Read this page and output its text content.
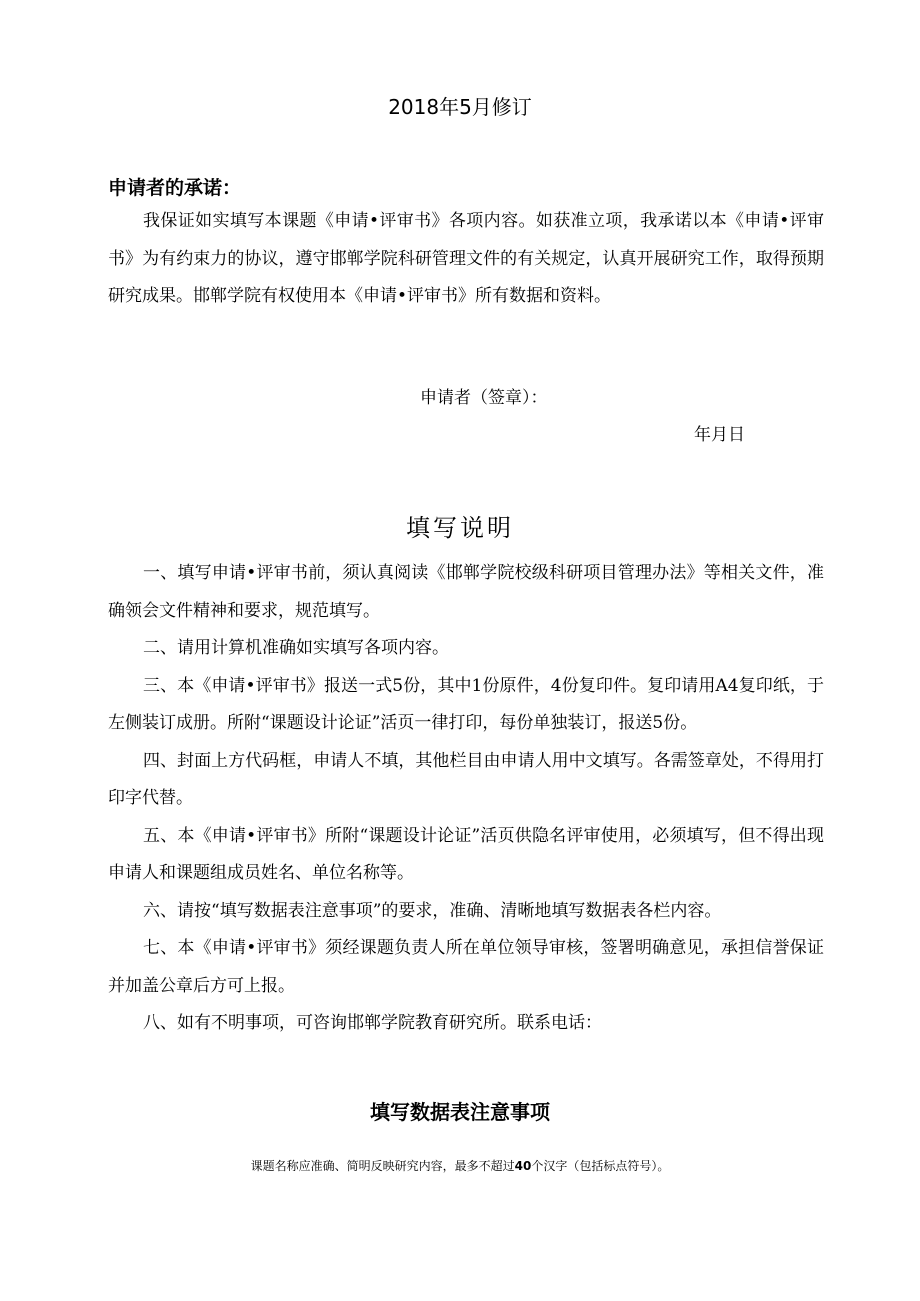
2018年5月修订
申请者的承诺：

我保证如实填写本课题《申请•评审书》各项内容。如获准立项，我承诺以本《申请•评审书》为有约束力的协议，遵守邯郸学院科研管理文件的有关规定，认真开展研究工作，取得预期研究成果。邯郸学院有权使用本《申请•评审书》所有数据和资料。

申请者（签章）：
年月日
填写说明

一、填写申请•评审书前，须认真阅读《邯郸学院校级科研项目管理办法》等相关文件，准确领会文件精神和要求，规范填写。

二、请用计算机准确如实填写各项内容。

三、本《申请•评审书》报送一式5份，其中1份原件，4份复印件。复印请用A4复印纸，于左侧装订成册。所附“课题设计论证”活页一律打印，每份单独装订，报送5份。

四、封面上方代码框，申请人不填，其他栏目由申请人用中文填写。各需签章处，不得用打印字代替。

五、本《申请•评审书》所附“课题设计论证”活页供隐名评审使用，必须填写，但不得出现申请人和课题组成员姓名、单位名称等。

六、请按“填写数据表注意事项”的要求，准确、清晰地填写数据表各栏内容。

七、本《申请•评审书》须经课题负责人所在单位领导审核，签署明确意见，承担信誉保证并加盖公章后方可上报。

八、如有不明事项，可咨询邯郸学院教育研究所。联系电话：

填写数据表注意事项
课题名称应准确、简明反映研究内容，最多不超过40个汉字（包括标点符号）。
